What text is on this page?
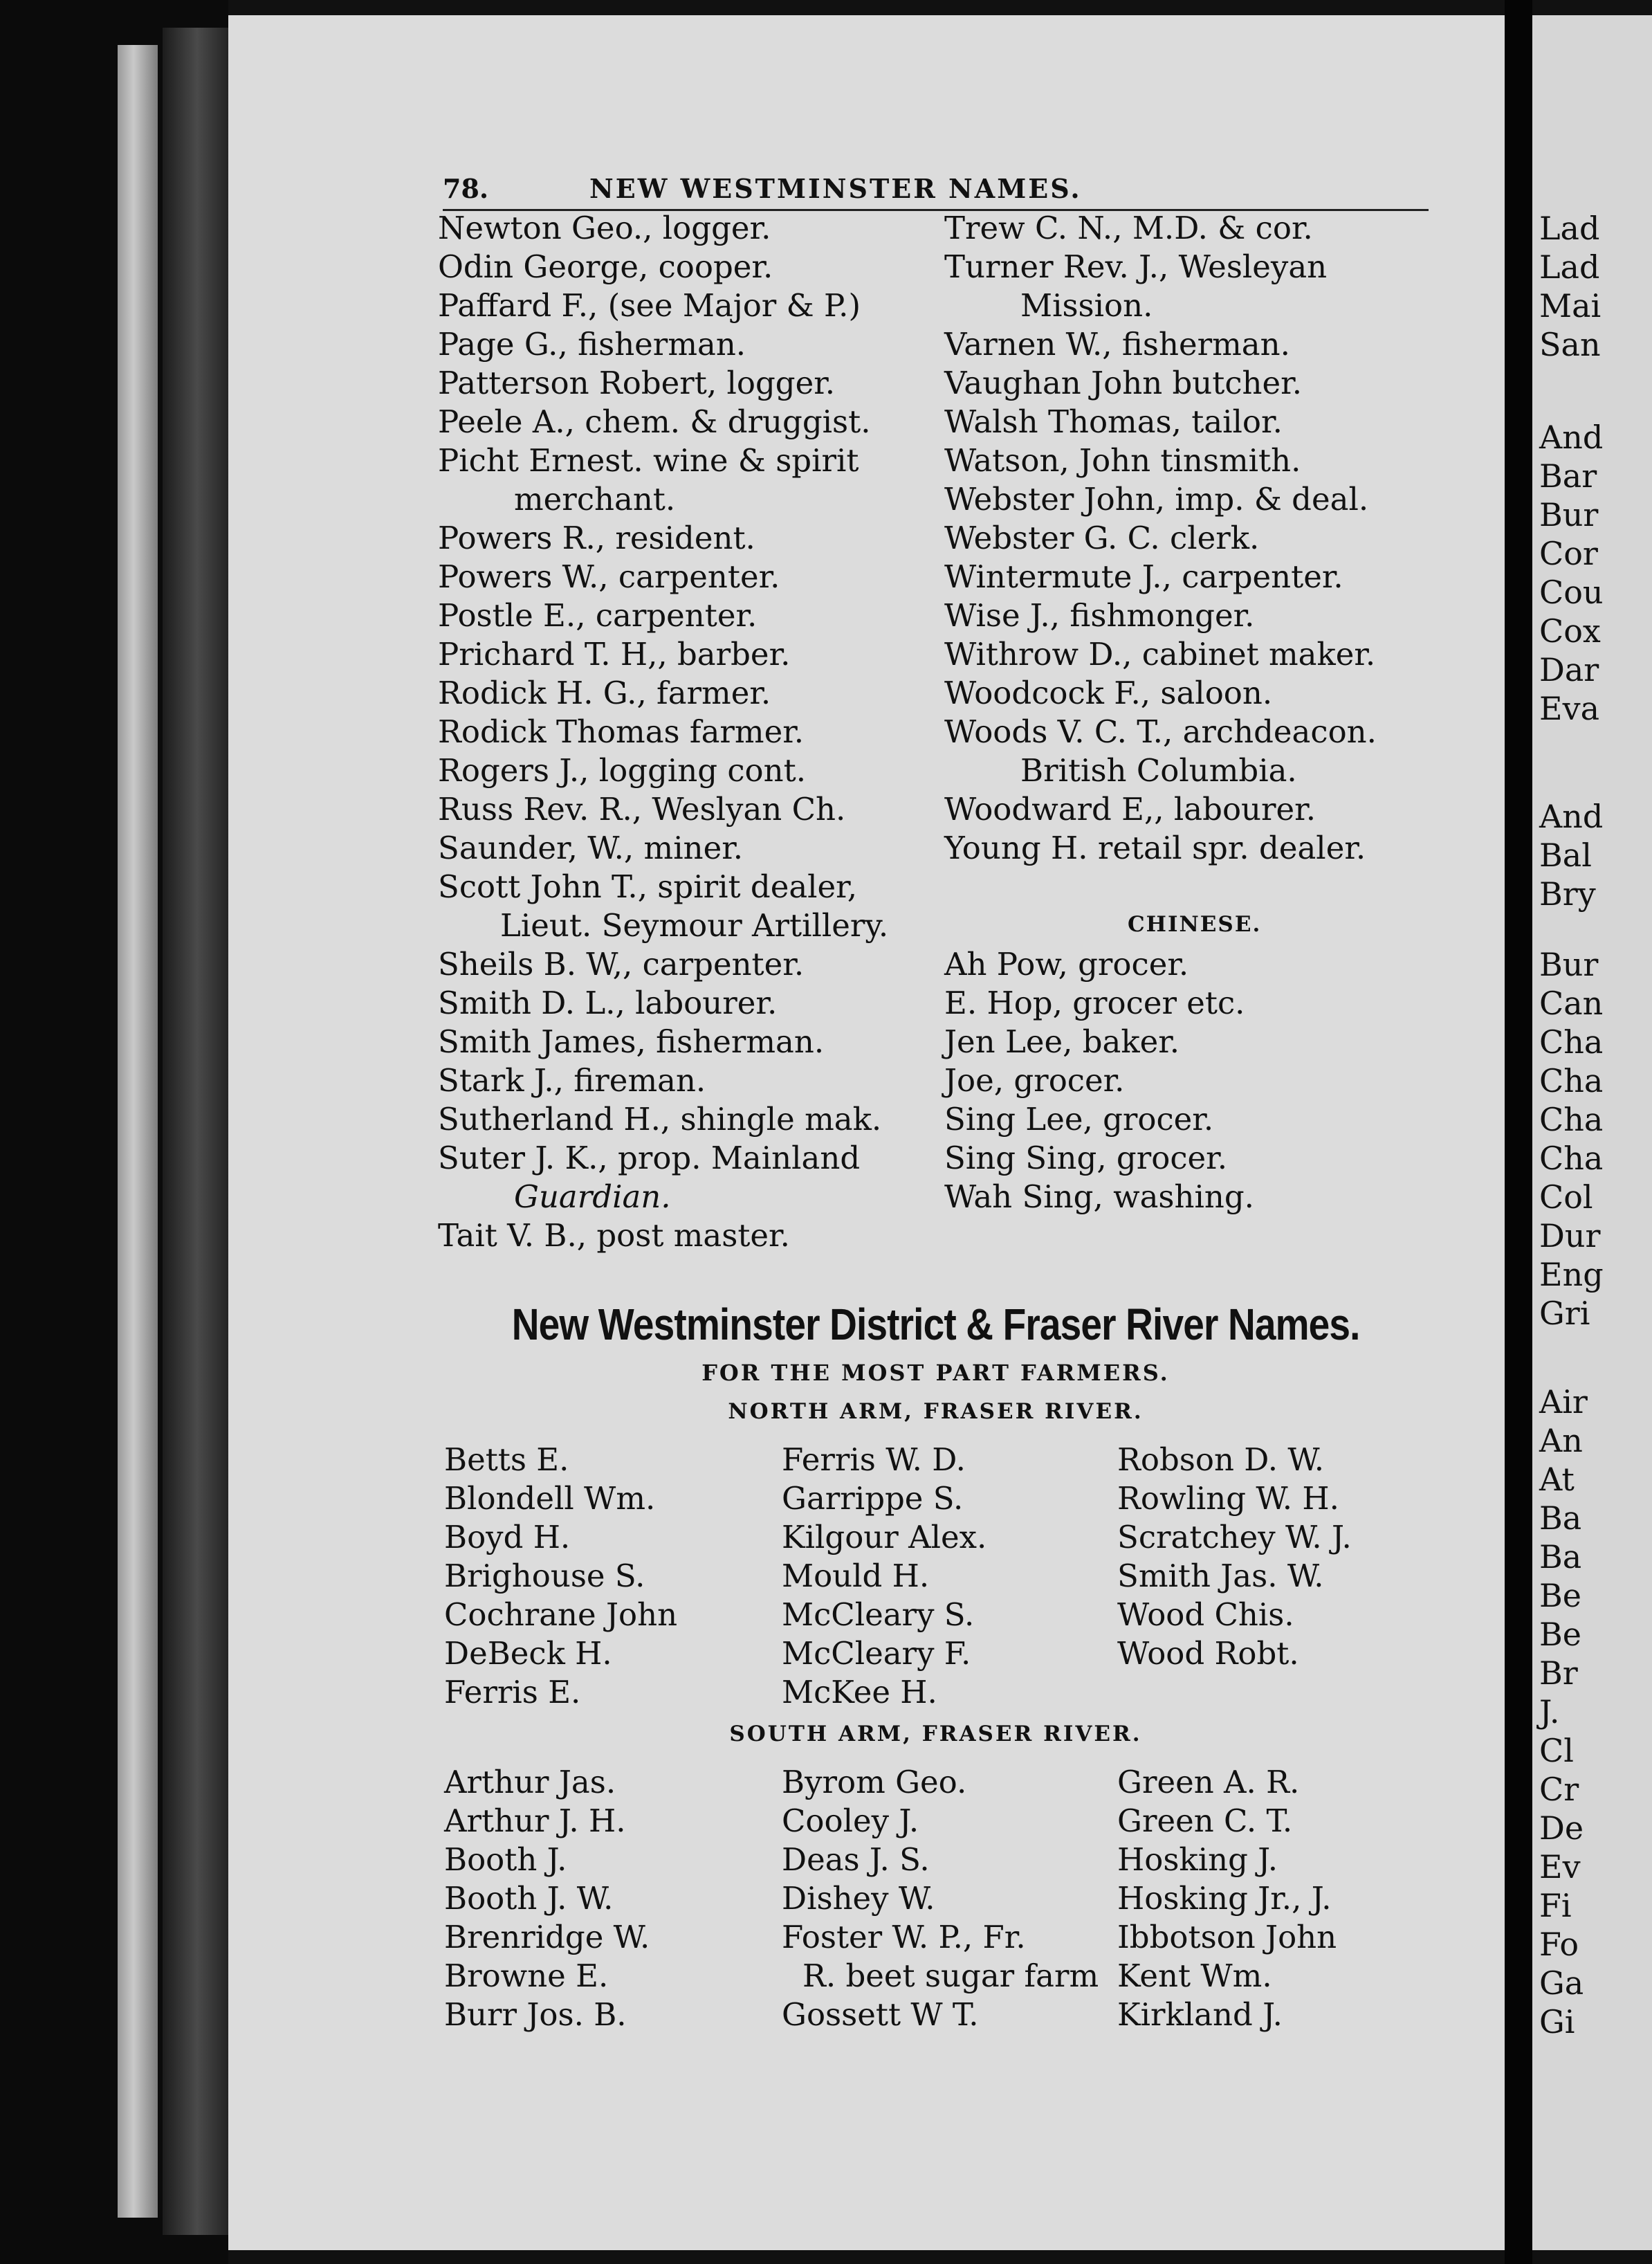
78.	NEW WESTMINSTER NAMES.
Newton Geo., logger.
Odin George, cooper.
Paffard F., (see Major & P.)
Page G., fisherman.
Patterson Robert, logger.
Peele A., chem. & druggist.
Picht Ernest. wine & spirit
merchant.
Powers R., resident.
Powers W., carpenter.
Postle E., carpenter.
Prichard T. H,, barber.
Rodick H. G., farmer.
Rodick Thomas farmer.
Rogers J., logging cont.
Russ Rev. R., Weslyan Ch.
Saunder, W., miner.
Scott John T., spirit dealer,
Lieut. Seymour Artillery.
Sheils B. W,, carpenter.
Smith D. L., labourer.
Smith James, fisherman.
Stark J., fireman.
Sutherland H., shingle mak.
Suter J. K., prop. Mainland
Guardian.
Tait V. B., post master.
Trew C. N., M.D. & cor.
Turner Rev. J., Wesleyan
Mission.
Varnen W., fisherman.
Vaughan John butcher.
Walsh Thomas, tailor.
Watson, John tinsmith.
Webster John, imp. & deal.
Webster G. C. clerk.
Wintermute J., carpenter.
Wise J., fishmonger.
Withrow D., cabinet maker.
Woodcock F., saloon.
Woods V. C. T., archdeacon.
British Columbia.
Woodward E,, labourer.
Young H. retail spr. dealer.
CHINESE.
Ah Pow, grocer.
E. Hop, grocer etc.
Jen Lee, baker.
Joe, grocer.
Sing Lee, grocer.
Sing Sing, grocer.
Wah Sing, washing.
New Westminster District & Fraser River Names.
FOR THE MOST PART FARMERS.
NORTH ARM, FRASER RIVER.
Betts E.
Blondell Wm.
Boyd H.
Brighouse S.
Cochrane John
DeBeck H.
Ferris E.
Ferris W. D.
Garrippe S.
Kilgour Alex.
Mould H.
McCleary S.
McCleary F.
McKee H.
Robson D. W.
Rowling W. H.
Scratchey W. J.
Smith Jas. W.
Wood Chis.
Wood Robt.
SOUTH ARM, FRASER RIVER.
Arthur Jas.
Arthur J. H.
Booth J.
Booth J. W.
Brenridge W.
Browne E.
Burr Jos. B.
Byrom Geo.
Cooley J.
Deas J. S.
Dishey W.
Foster W. P., Fr.
R. beet sugar farm
Gossett W T.
Green A. R.
Green C. T.
Hosking J.
Hosking Jr., J.
Ibbotson John
Kent Wm.
Kirkland J.
Lad
Lad
Mai
San
And
Bar
Bur
Cor
Cou
Cox
Dar
Eva
And
Bal
Bry
Bur
Can
Cha
Cha
Cha
Cha
Col
Dur
Eng
Gri
Air
An
At
Ba
Ba
Be
Be
Br
J.
Cl
Cr
De
Ev
Fi
Fo
Ga
Gi
